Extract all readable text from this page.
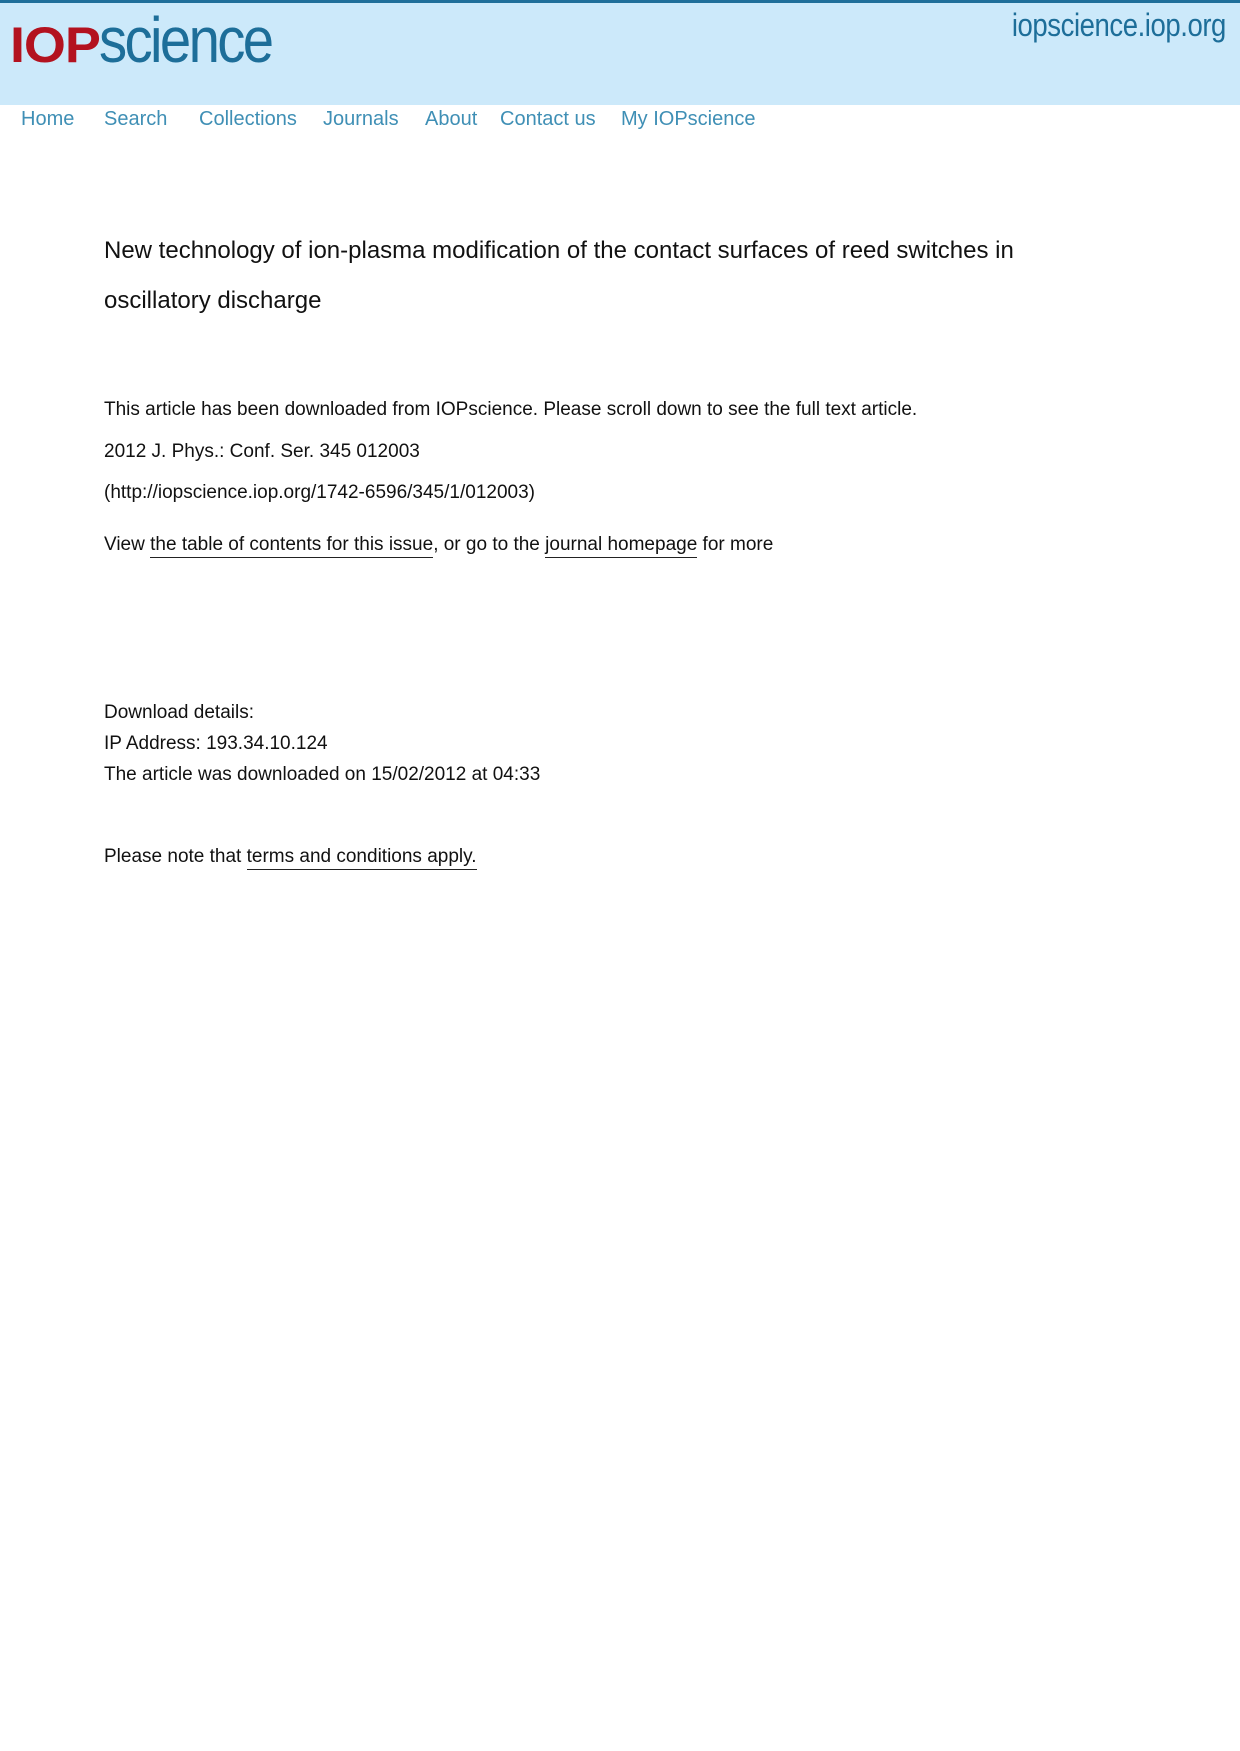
IOP science	iopscience.iop.org
Home Search Collections Journals About Contact us My IOPscience
New technology of ion-plasma modification of the contact surfaces of reed switches in oscillatory discharge

This article has been downloaded from IOPscience. Please scroll down to see the full text article.

2012 J. Phys.: Conf. Ser. 345 012003

(http://iopscience.iop.org/1742-6596/345/1/012003)

View the table of contents for this issue, or go to the journal homepage for more

Download details:

IP Address: 193.34.10.124

The article was downloaded on 15/02/2012 at 04:33

Please note that terms and conditions apply.
